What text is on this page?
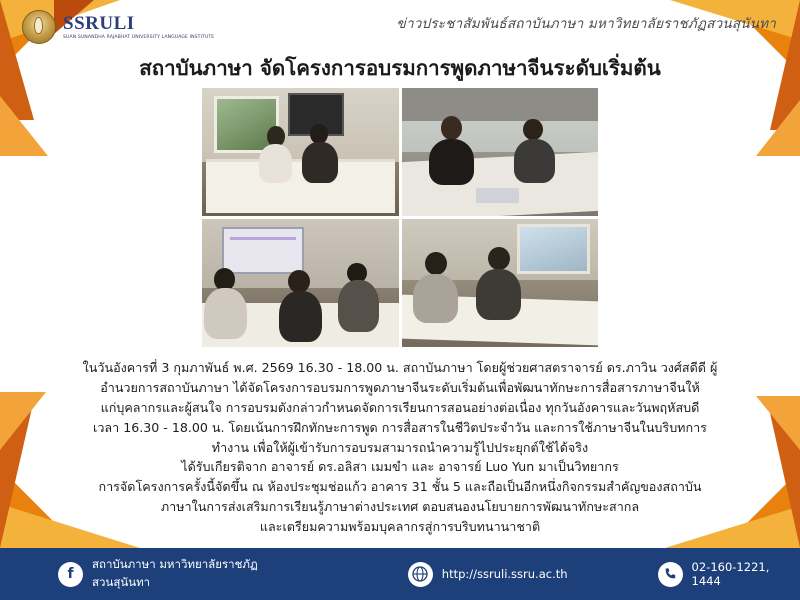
ข่าวประชาสัมพันธ์สถาบันภาษา มหาวิทยาลัยราชภัฏสวนสุนันทา
SSRULI
SUAN SUNANDHA RAJABHAT UNIVERSITY LANGUAGE INSTITUTE
สถาบันภาษา จัดโครงการอบรมการพูดภาษาจีนระดับเริ่มต้น

ในวันอังคารที่ 3 กุมภาพันธ์ พ.ศ. 2569 16.30 - 18.00 น. สถาบันภาษา โดยผู้ช่วยศาสตราจารย์ ดร.ภาวิน วงศ์สดีดี ผู้

อำนวยการสถาบันภาษา ได้จัดโครงการอบรมการพูดภาษาจีนระดับเริ่มต้นเพื่อพัฒนาทักษะการสื่อสารภาษาจีนให้

แก่บุคลากรและผู้สนใจ การอบรมดังกล่าวกำหนดจัดการเรียนการสอนอย่างต่อเนื่อง ทุกวันอังคารและวันพฤหัสบดี

เวลา 16.30 - 18.00 น. โดยเน้นการฝึกทักษะการพูด การสื่อสารในชีวิตประจำวัน และการใช้ภาษาจีนในบริบทการ

ทำงาน เพื่อให้ผู้เข้ารับการอบรมสามารถนำความรู้ไปประยุกต์ใช้ได้จริง

ได้รับเกียรติจาก อาจารย์ ดร.อลิสา เมมขำ และ อาจารย์ Luo Yun มาเป็นวิทยากร

การจัดโครงการครั้งนี้จัดขึ้น ณ ห้องประชุมช่อแก้ว อาคาร 31 ชั้น 5 และถือเป็นอีกหนึ่งกิจกรรมสำคัญของสถาบัน

ภาษาในการส่งเสริมการเรียนรู้ภาษาต่างประเทศ ตอบสนองนโยบายการพัฒนาทักษะสากล

และเตรียมความพร้อมบุคลากรสู่การบริบทนานาชาติ

f
สถาบันภาษา มหาวิทยาลัยราชภัฏสวนสุนันทา
http://ssruli.ssru.ac.th	02-160-1221, 1444
